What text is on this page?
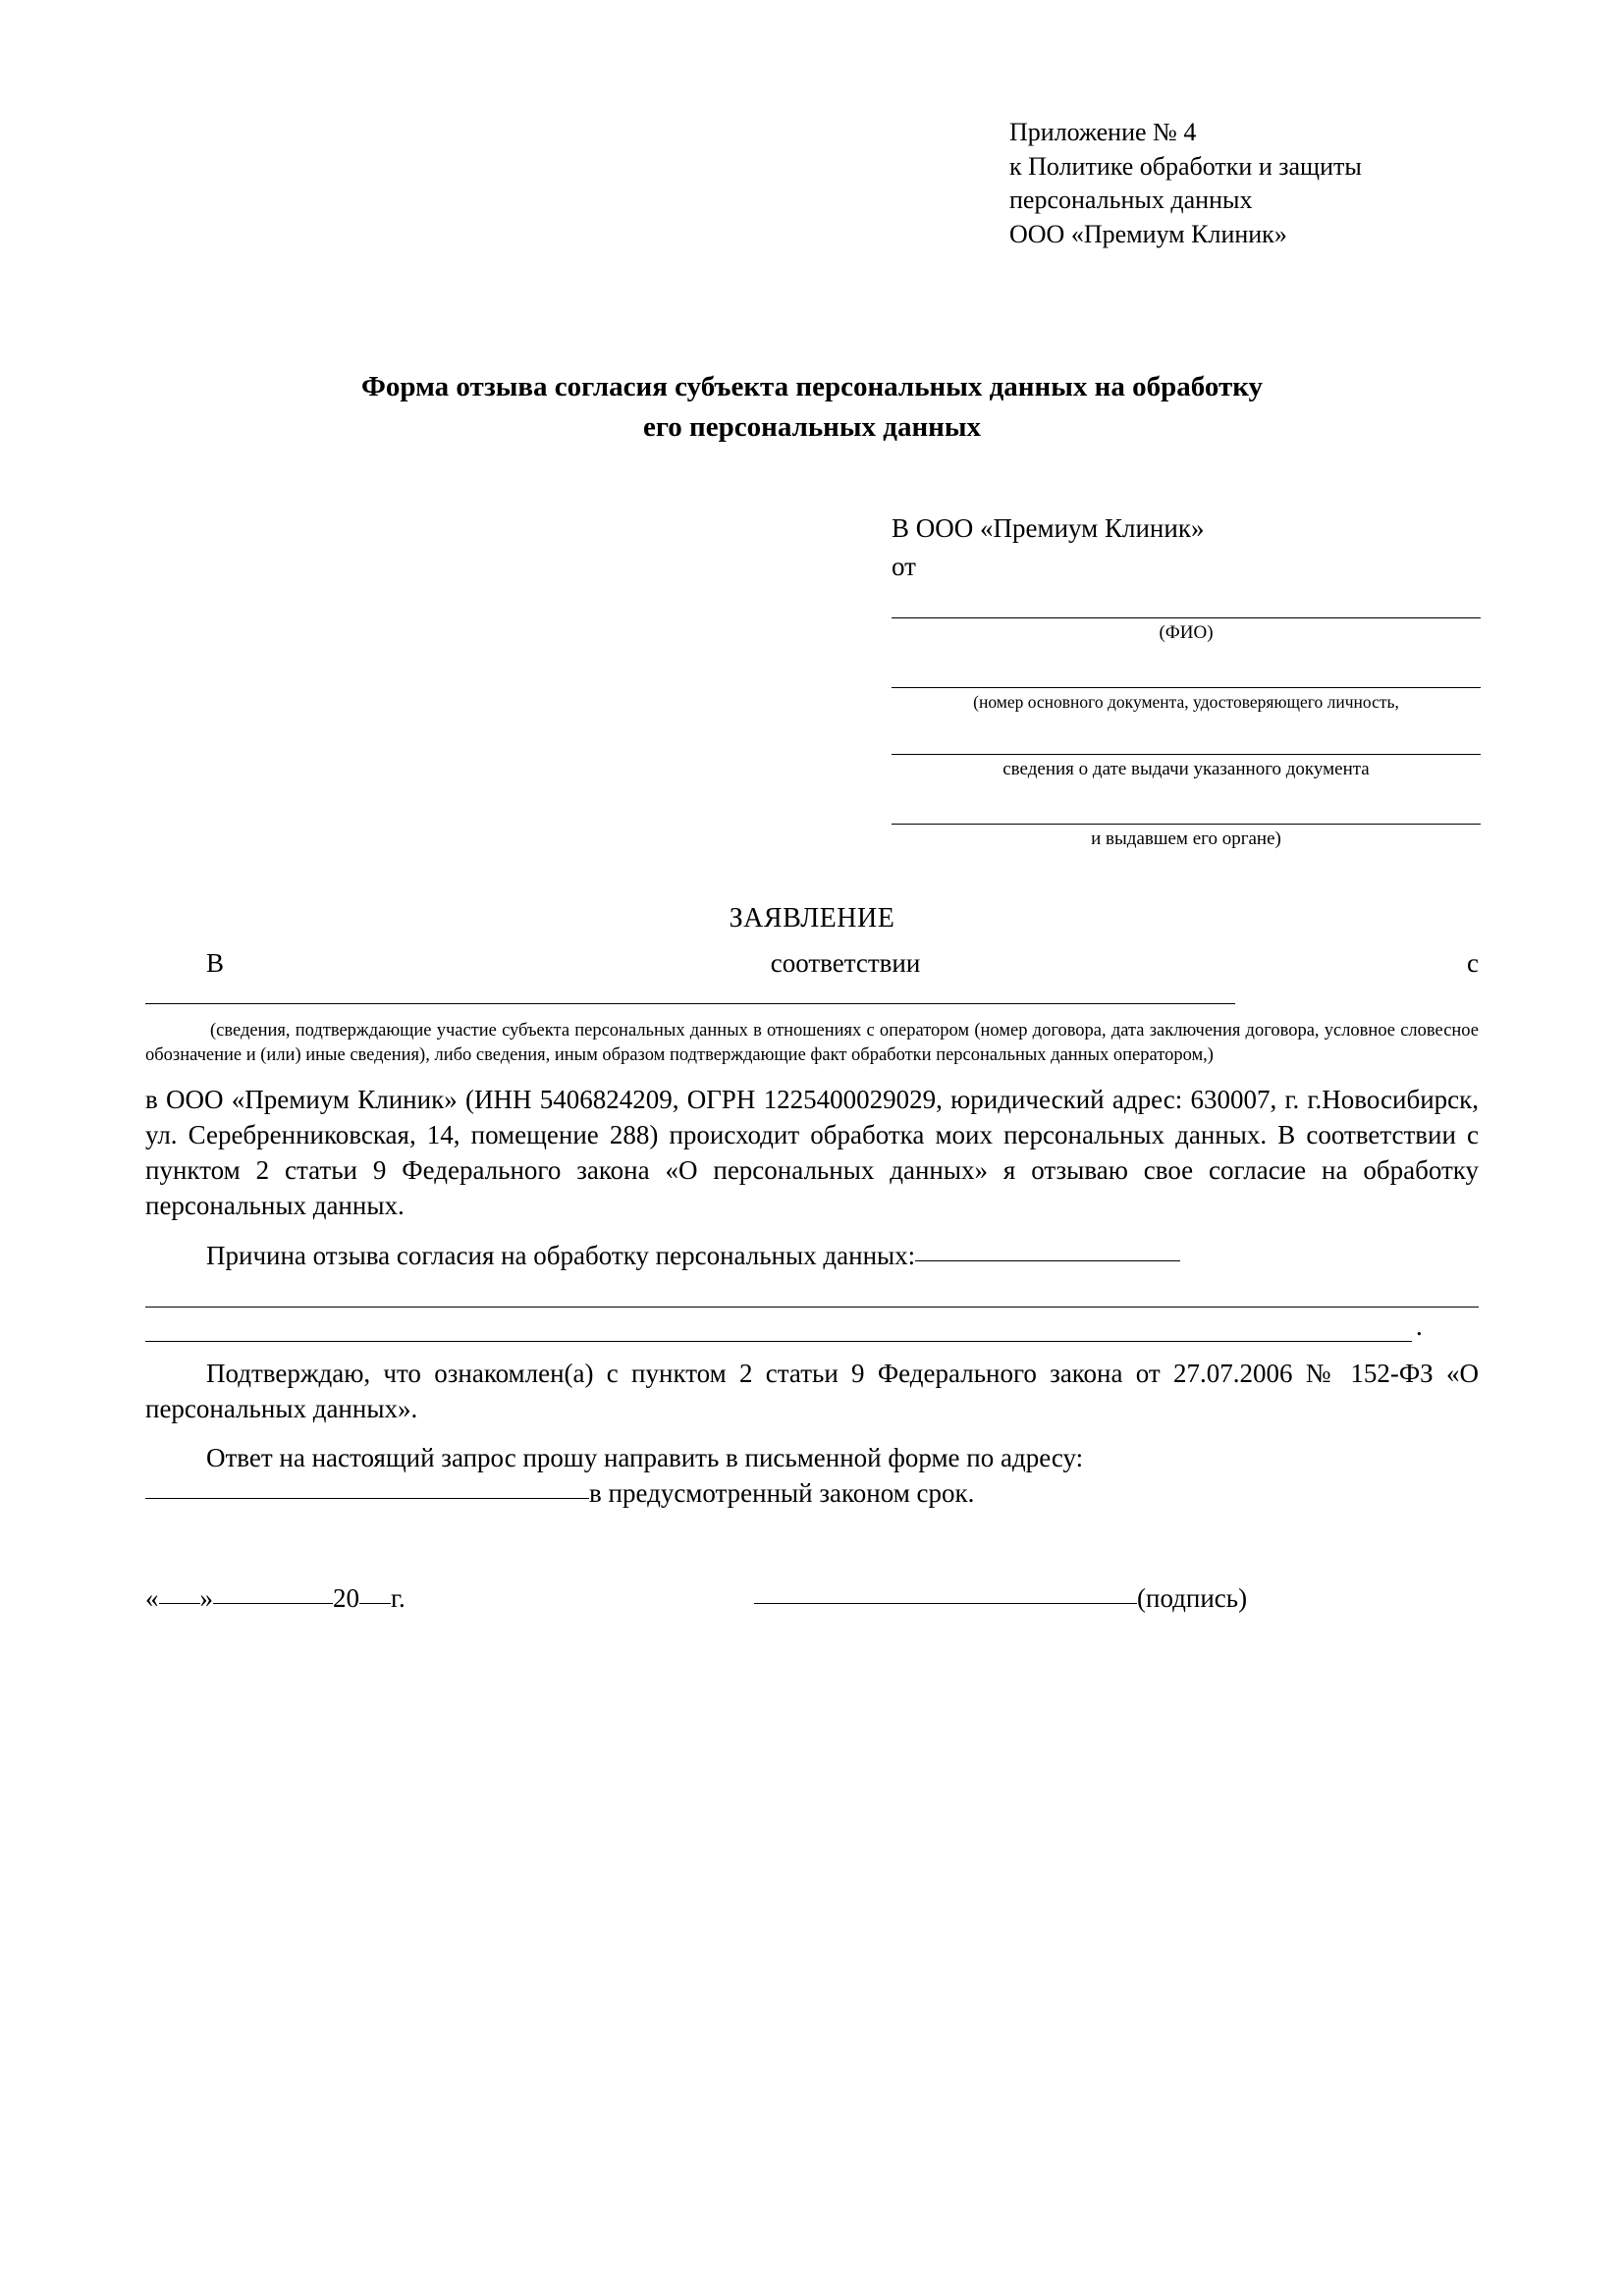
Приложение № 4
к Политике обработки и защиты
персональных данных
ООО «Премиум Клиник»
Форма отзыва согласия субъекта персональных данных на обработку
его персональных данных
В ООО «Премиум Клиник»
от
(ФИО)
(номер основного документа, удостоверяющего личность,
сведения о дате выдачи указанного документа
и выдавшем его органе)
ЗАЯВЛЕНИЕ
В соответствии с
(сведения, подтверждающие участие субъекта персональных данных в отношениях с оператором (номер договора, дата заключения договора, условное словесное обозначение и (или) иные сведения), либо сведения, иным образом подтверждающие факт обработки персональных данных оператором,)
в ООО «Премиум Клиник» (ИНН 5406824209, ОГРН 1225400029029, юридический адрес: 630007, г. г.Новосибирск, ул. Серебренниковская, 14, помещение 288) происходит обработка моих персональных данных. В соответствии с пунктом 2 статьи 9 Федерального закона «О персональных данных» я отзываю свое согласие на обработку персональных данных.
Причина отзыва согласия на обработку персональных данных:
.
Подтверждаю, что ознакомлен(а) с пунктом 2 статьи 9 Федерального закона от 27.07.2006 № 152-ФЗ «О персональных данных».
Ответ на настоящий запрос прошу направить в письменной форме по адресу:
в предусмотренный законом срок.
« »	20 г.	(подпись)
